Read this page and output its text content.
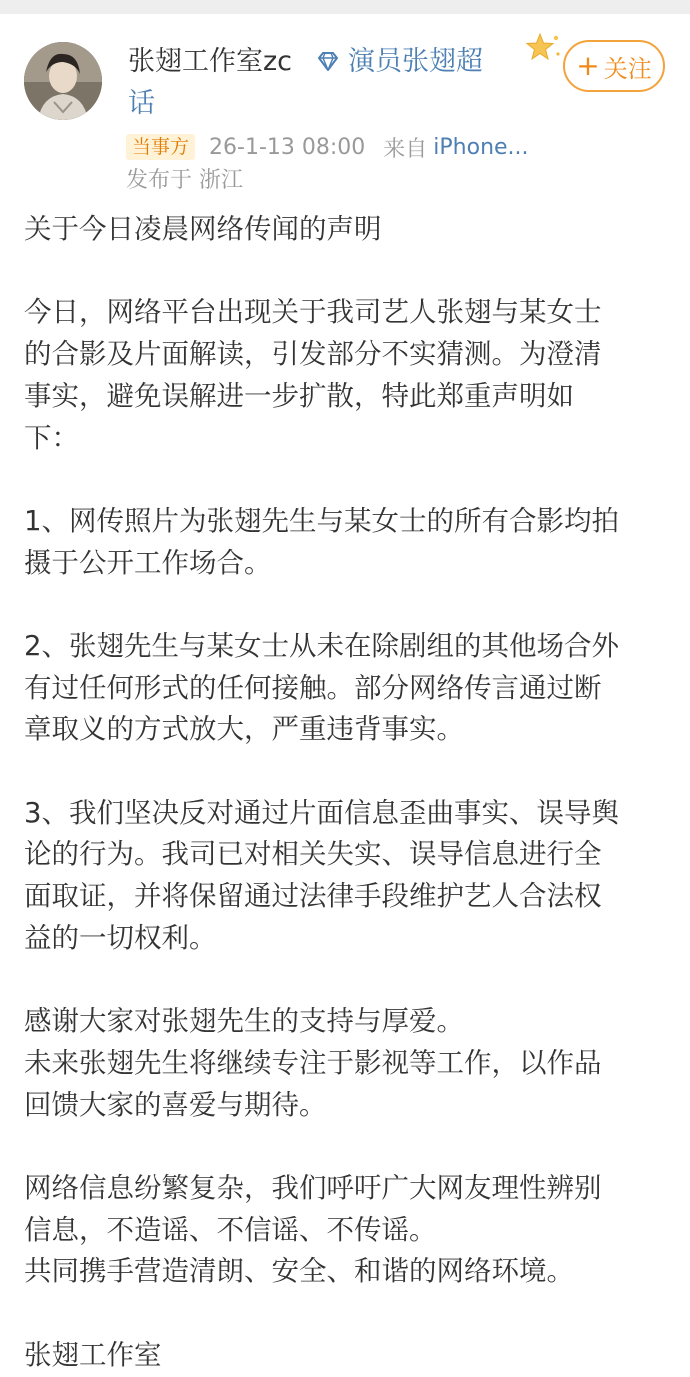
张翅工作室zc 演员张翅超
话
+ 关注
当事方 26-1-13 08:00 来自 iPhone...
发布于 浙江

关于今日凌晨网络传闻的声明

今日，网络平台出现关于我司艺人张翅与某女士

的合影及片面解读，引发部分不实猜测。为澄清

事实，避免误解进一步扩散，特此郑重声明如

下：

1、网传照片为张翅先生与某女士的所有合影均拍

摄于公开工作场合。

2、张翅先生与某女士从未在除剧组的其他场合外

有过任何形式的任何接触。部分网络传言通过断

章取义的方式放大，严重违背事实。

3、我们坚决反对通过片面信息歪曲事实、误导舆

论的行为。我司已对相关失实、误导信息进行全

面取证，并将保留通过法律手段维护艺人合法权

益的一切权利。

感谢大家对张翅先生的支持与厚爱。

未来张翅先生将继续专注于影视等工作，以作品

回馈大家的喜爱与期待。

网络信息纷繁复杂，我们呼吁广大网友理性辨别

信息，不造谣、不信谣、不传谣。

共同携手营造清朗、安全、和谐的网络环境。

张翅工作室
